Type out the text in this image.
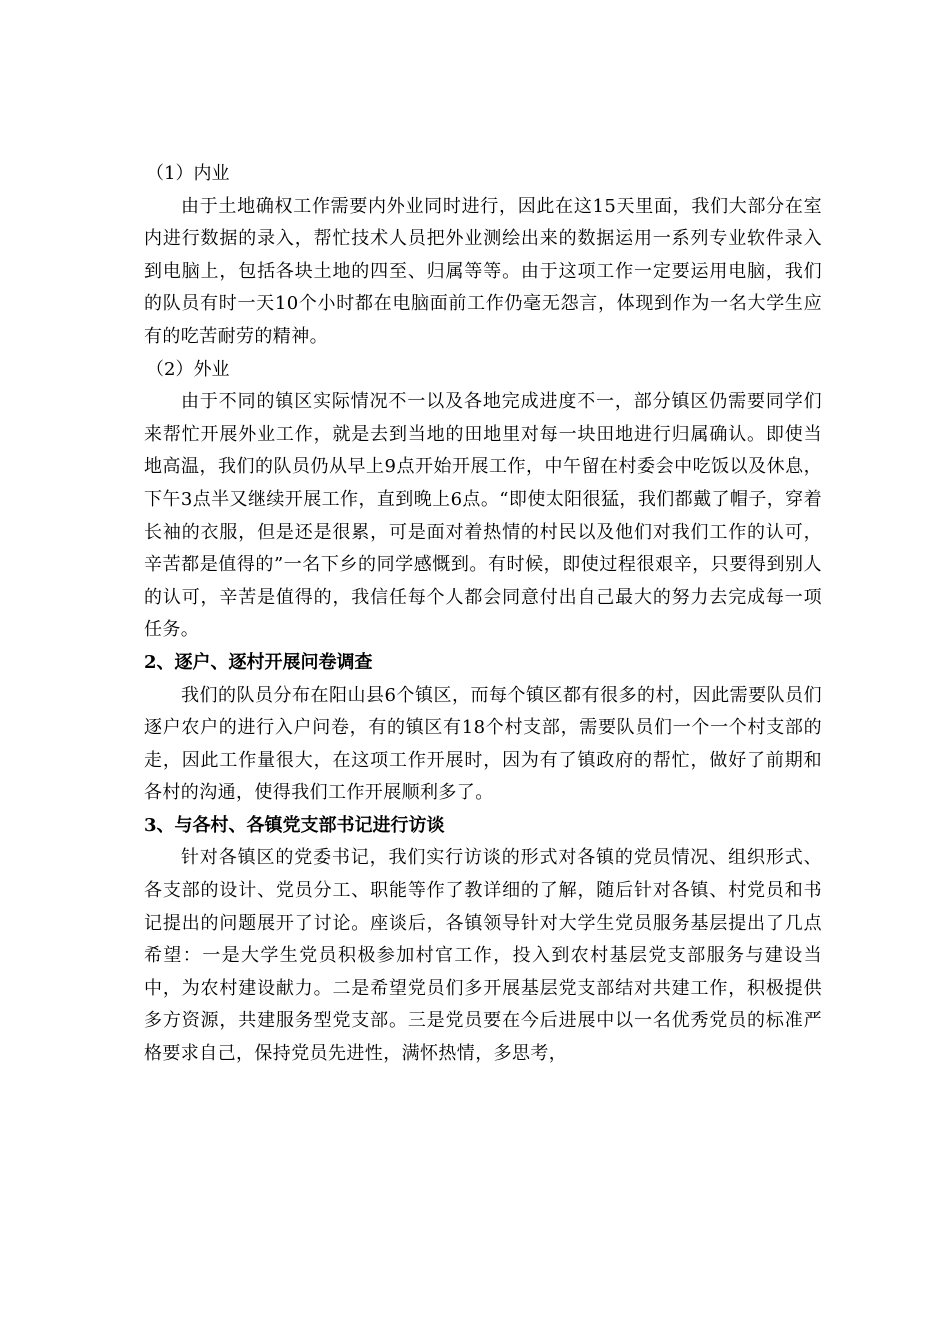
（1）内业

由于土地确权工作需要内外业同时进行，因此在这15天里面，我们大部分在室内进行数据的录入，帮忙技术人员把外业测绘出来的数据运用一系列专业软件录入到电脑上，包括各块土地的四至、归属等等。由于这项工作一定要运用电脑，我们的队员有时一天10个小时都在电脑面前工作仍毫无怨言，体现到作为一名大学生应有的吃苦耐劳的精神。

（2）外业

由于不同的镇区实际情况不一以及各地完成进度不一，部分镇区仍需要同学们来帮忙开展外业工作，就是去到当地的田地里对每一块田地进行归属确认。即使当地高温，我们的队员仍从早上9点开始开展工作，中午留在村委会中吃饭以及休息，下午3点半又继续开展工作，直到晚上6点。“即使太阳很猛，我们都戴了帽子，穿着长袖的衣服，但是还是很累，可是面对着热情的村民以及他们对我们工作的认可，辛苦都是值得的”一名下乡的同学感慨到。有时候，即使过程很艰辛，只要得到别人的认可，辛苦是值得的，我信任每个人都会同意付出自己最大的努力去完成每一项任务。

2、逐户、逐村开展问卷调查

我们的队员分布在阳山县6个镇区，而每个镇区都有很多的村，因此需要队员们逐户农户的进行入户问卷，有的镇区有18个村支部，需要队员们一个一个村支部的走，因此工作量很大，在这项工作开展时，因为有了镇政府的帮忙，做好了前期和各村的沟通，使得我们工作开展顺利多了。

3、与各村、各镇党支部书记进行访谈

针对各镇区的党委书记，我们实行访谈的形式对各镇的党员情况、组织形式、各支部的设计、党员分工、职能等作了教详细的了解，随后针对各镇、村党员和书记提出的问题展开了讨论。座谈后，各镇领导针对大学生党员服务基层提出了几点希望：一是大学生党员积极参加村官工作，投入到农村基层党支部服务与建设当中，为农村建设献力。二是希望党员们多开展基层党支部结对共建工作，积极提供多方资源，共建服务型党支部。三是党员要在今后进展中以一名优秀党员的标准严格要求自己，保持党员先进性，满怀热情，多思考，
